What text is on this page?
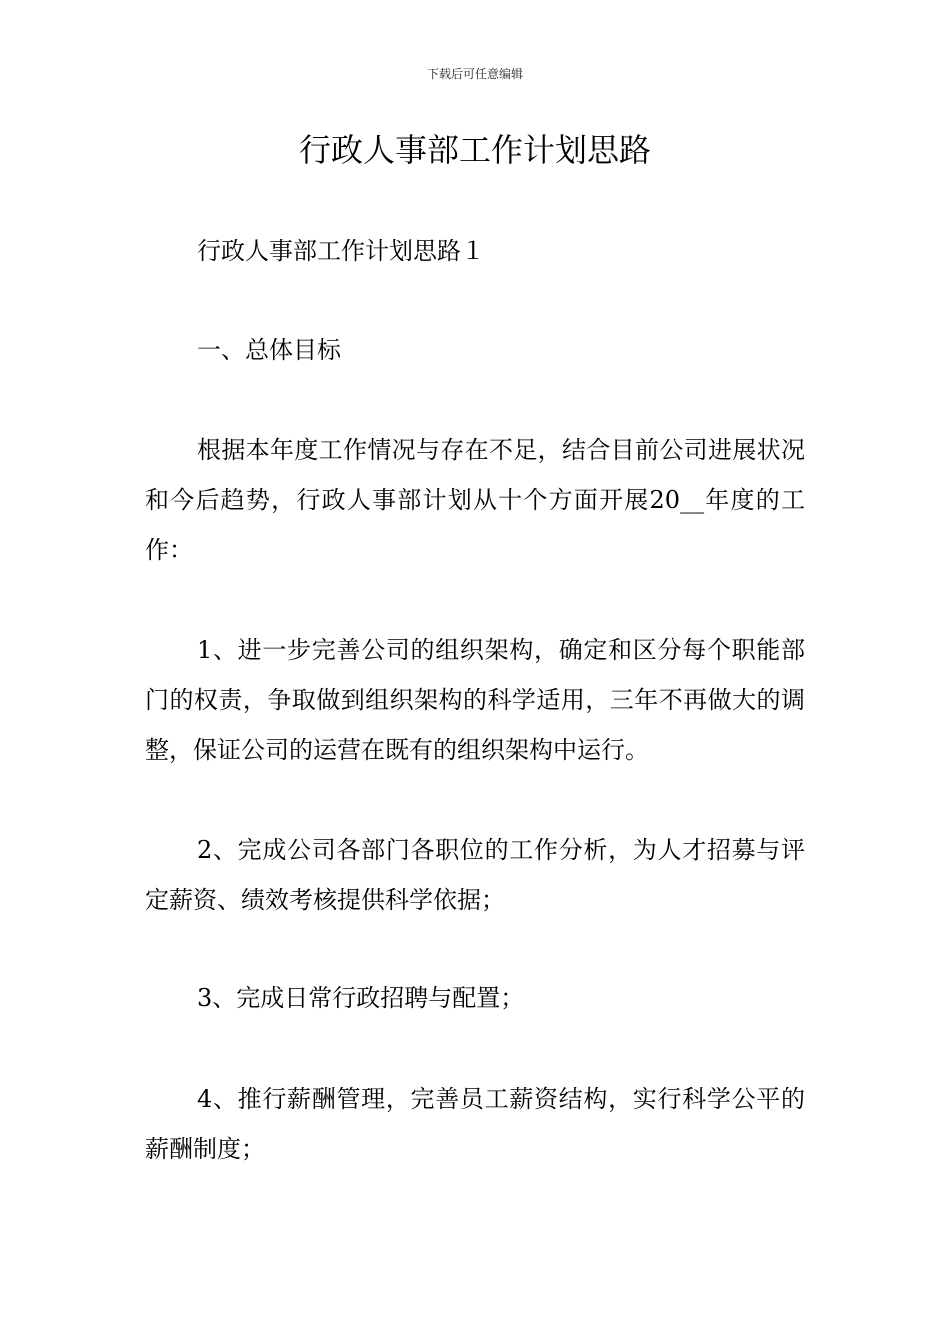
下载后可任意编辑
行政人事部工作计划思路

行政人事部工作计划思路１

一、总体目标

根据本年度工作情况与存在不足，结合目前公司进展状况和今后趋势，行政人事部计划从十个方面开展20__年度的工作：

1、进一步完善公司的组织架构，确定和区分每个职能部门的权责，争取做到组织架构的科学适用，三年不再做大的调整，保证公司的运营在既有的组织架构中运行。

2、完成公司各部门各职位的工作分析，为人才招募与评定薪资、绩效考核提供科学依据；

3、完成日常行政招聘与配置；

4、推行薪酬管理，完善员工薪资结构，实行科学公平的薪酬制度；
